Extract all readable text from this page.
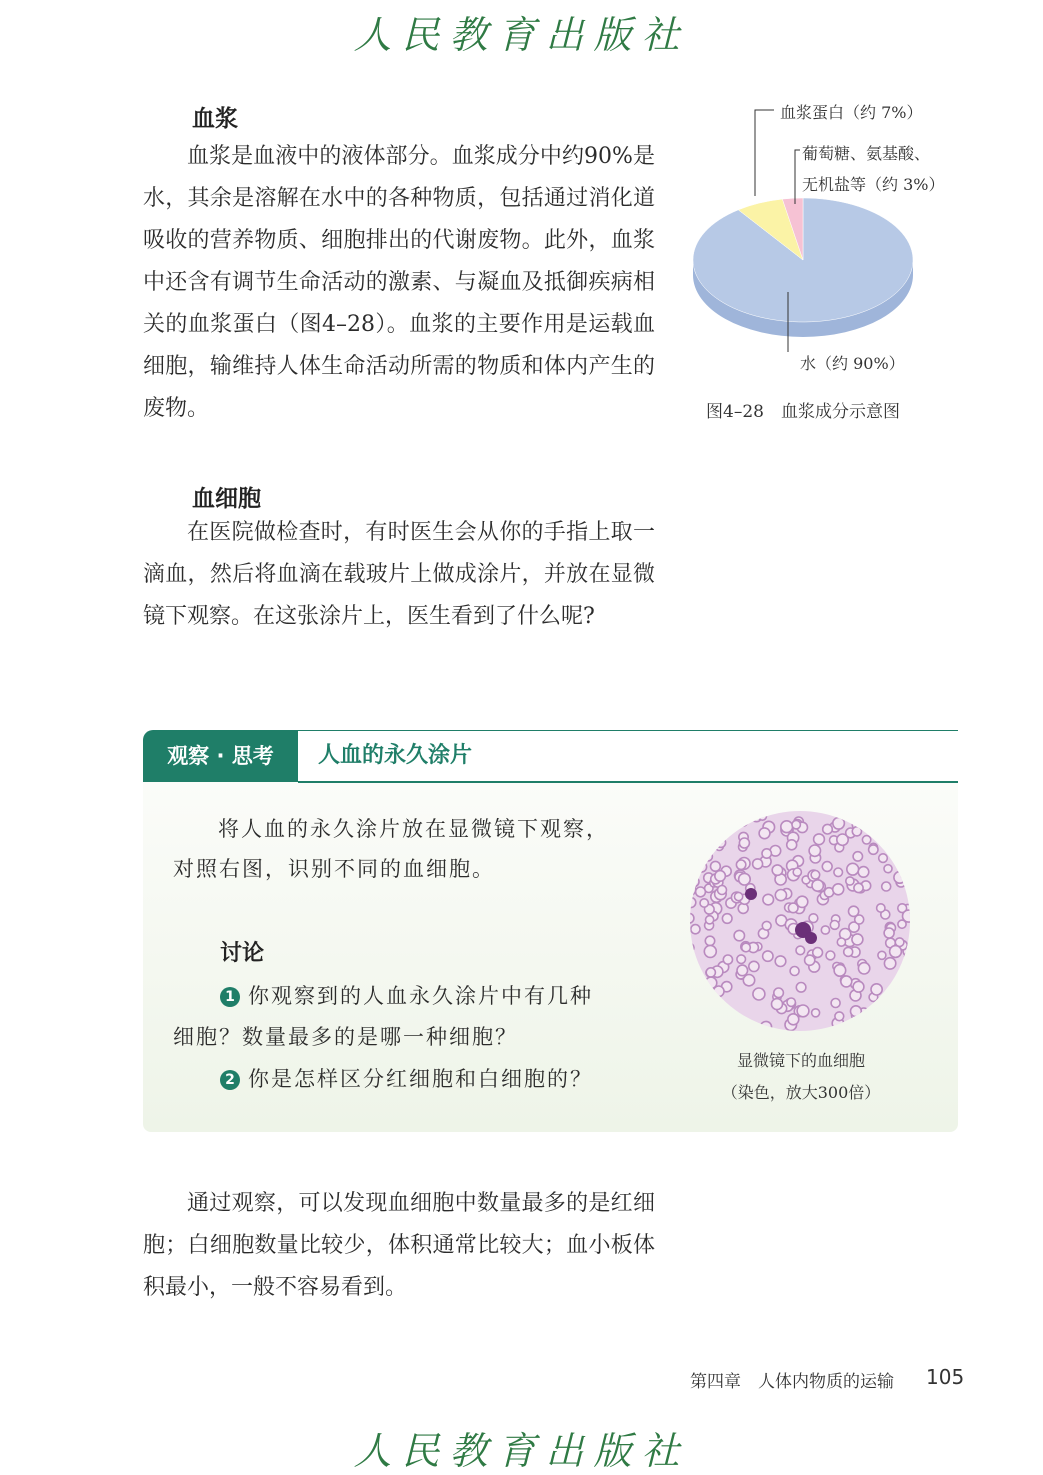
人民教育出版社
血浆

血浆是血液中的液体部分。血浆成分中约90%是水，其余是溶解在水中的各种物质，包括通过消化道吸收的营养物质、细胞排出的代谢废物。此外，血浆中还含有调节生命活动的激素、与凝血及抵御疾病相关的血浆蛋白（图4–28）。血浆的主要作用是运载血细胞，输维持人体生命活动所需的物质和体内产生的废物。

血浆蛋白（约 7%）
葡萄糖、氨基酸、
无机盐等（约 3%）
水（约 90%）
图4–28　血浆成分示意图
血细胞

在医院做检查时，有时医生会从你的手指上取一滴血，然后将血滴在载玻片上做成涂片，并放在显微镜下观察。在这张涂片上，医生看到了什么呢?

观察 · 思考	人血的永久涂片
将人血的永久涂片放在显微镜下观察，
对照右图，识别不同的血细胞。
讨论
1 你观察到的人血永久涂片中有几种
细胞？数量最多的是哪一种细胞？
2 你是怎样区分红细胞和白细胞的？
显微镜下的血细胞
（染色，放大300倍）

通过观察，可以发现血细胞中数量最多的是红细胞；白细胞数量比较少，体积通常比较大；血小板体积最小，一般不容易看到。

第四章　人体内物质的运输 105
人民教育出版社
